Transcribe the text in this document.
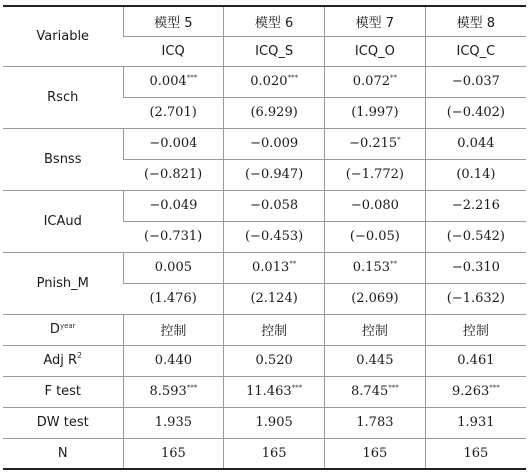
Variable	模型 5	模型 6	模型 7	模型 8
	ICQ	ICQ_S	ICQ_O	ICQ_C
Rsch	0.004***	0.020***	0.072**	−0.037
	(2.701)	(6.929)	(1.997)	(−0.402)
Bsnss	−0.004	−0.009	−0.215*	0.044
	(−0.821)	(−0.947)	(−1.772)	(0.14)
ICAud	−0.049	−0.058	−0.080	−2.216
	(−0.731)	(−0.453)	(−0.05)	(−0.542)
Pnish_M	0.005	0.013**	0.153**	−0.310
	(1.476)	(2.124)	(2.069)	(−1.632)
$D^{year}$	控制	控制	控制	控制
Adj $R^2$	0.440	0.520	0.445	0.461
F test	8.593***	11.463***	8.745***	9.263***
DW test	1.935	1.905	1.783	1.931
N	165	165	165	165
